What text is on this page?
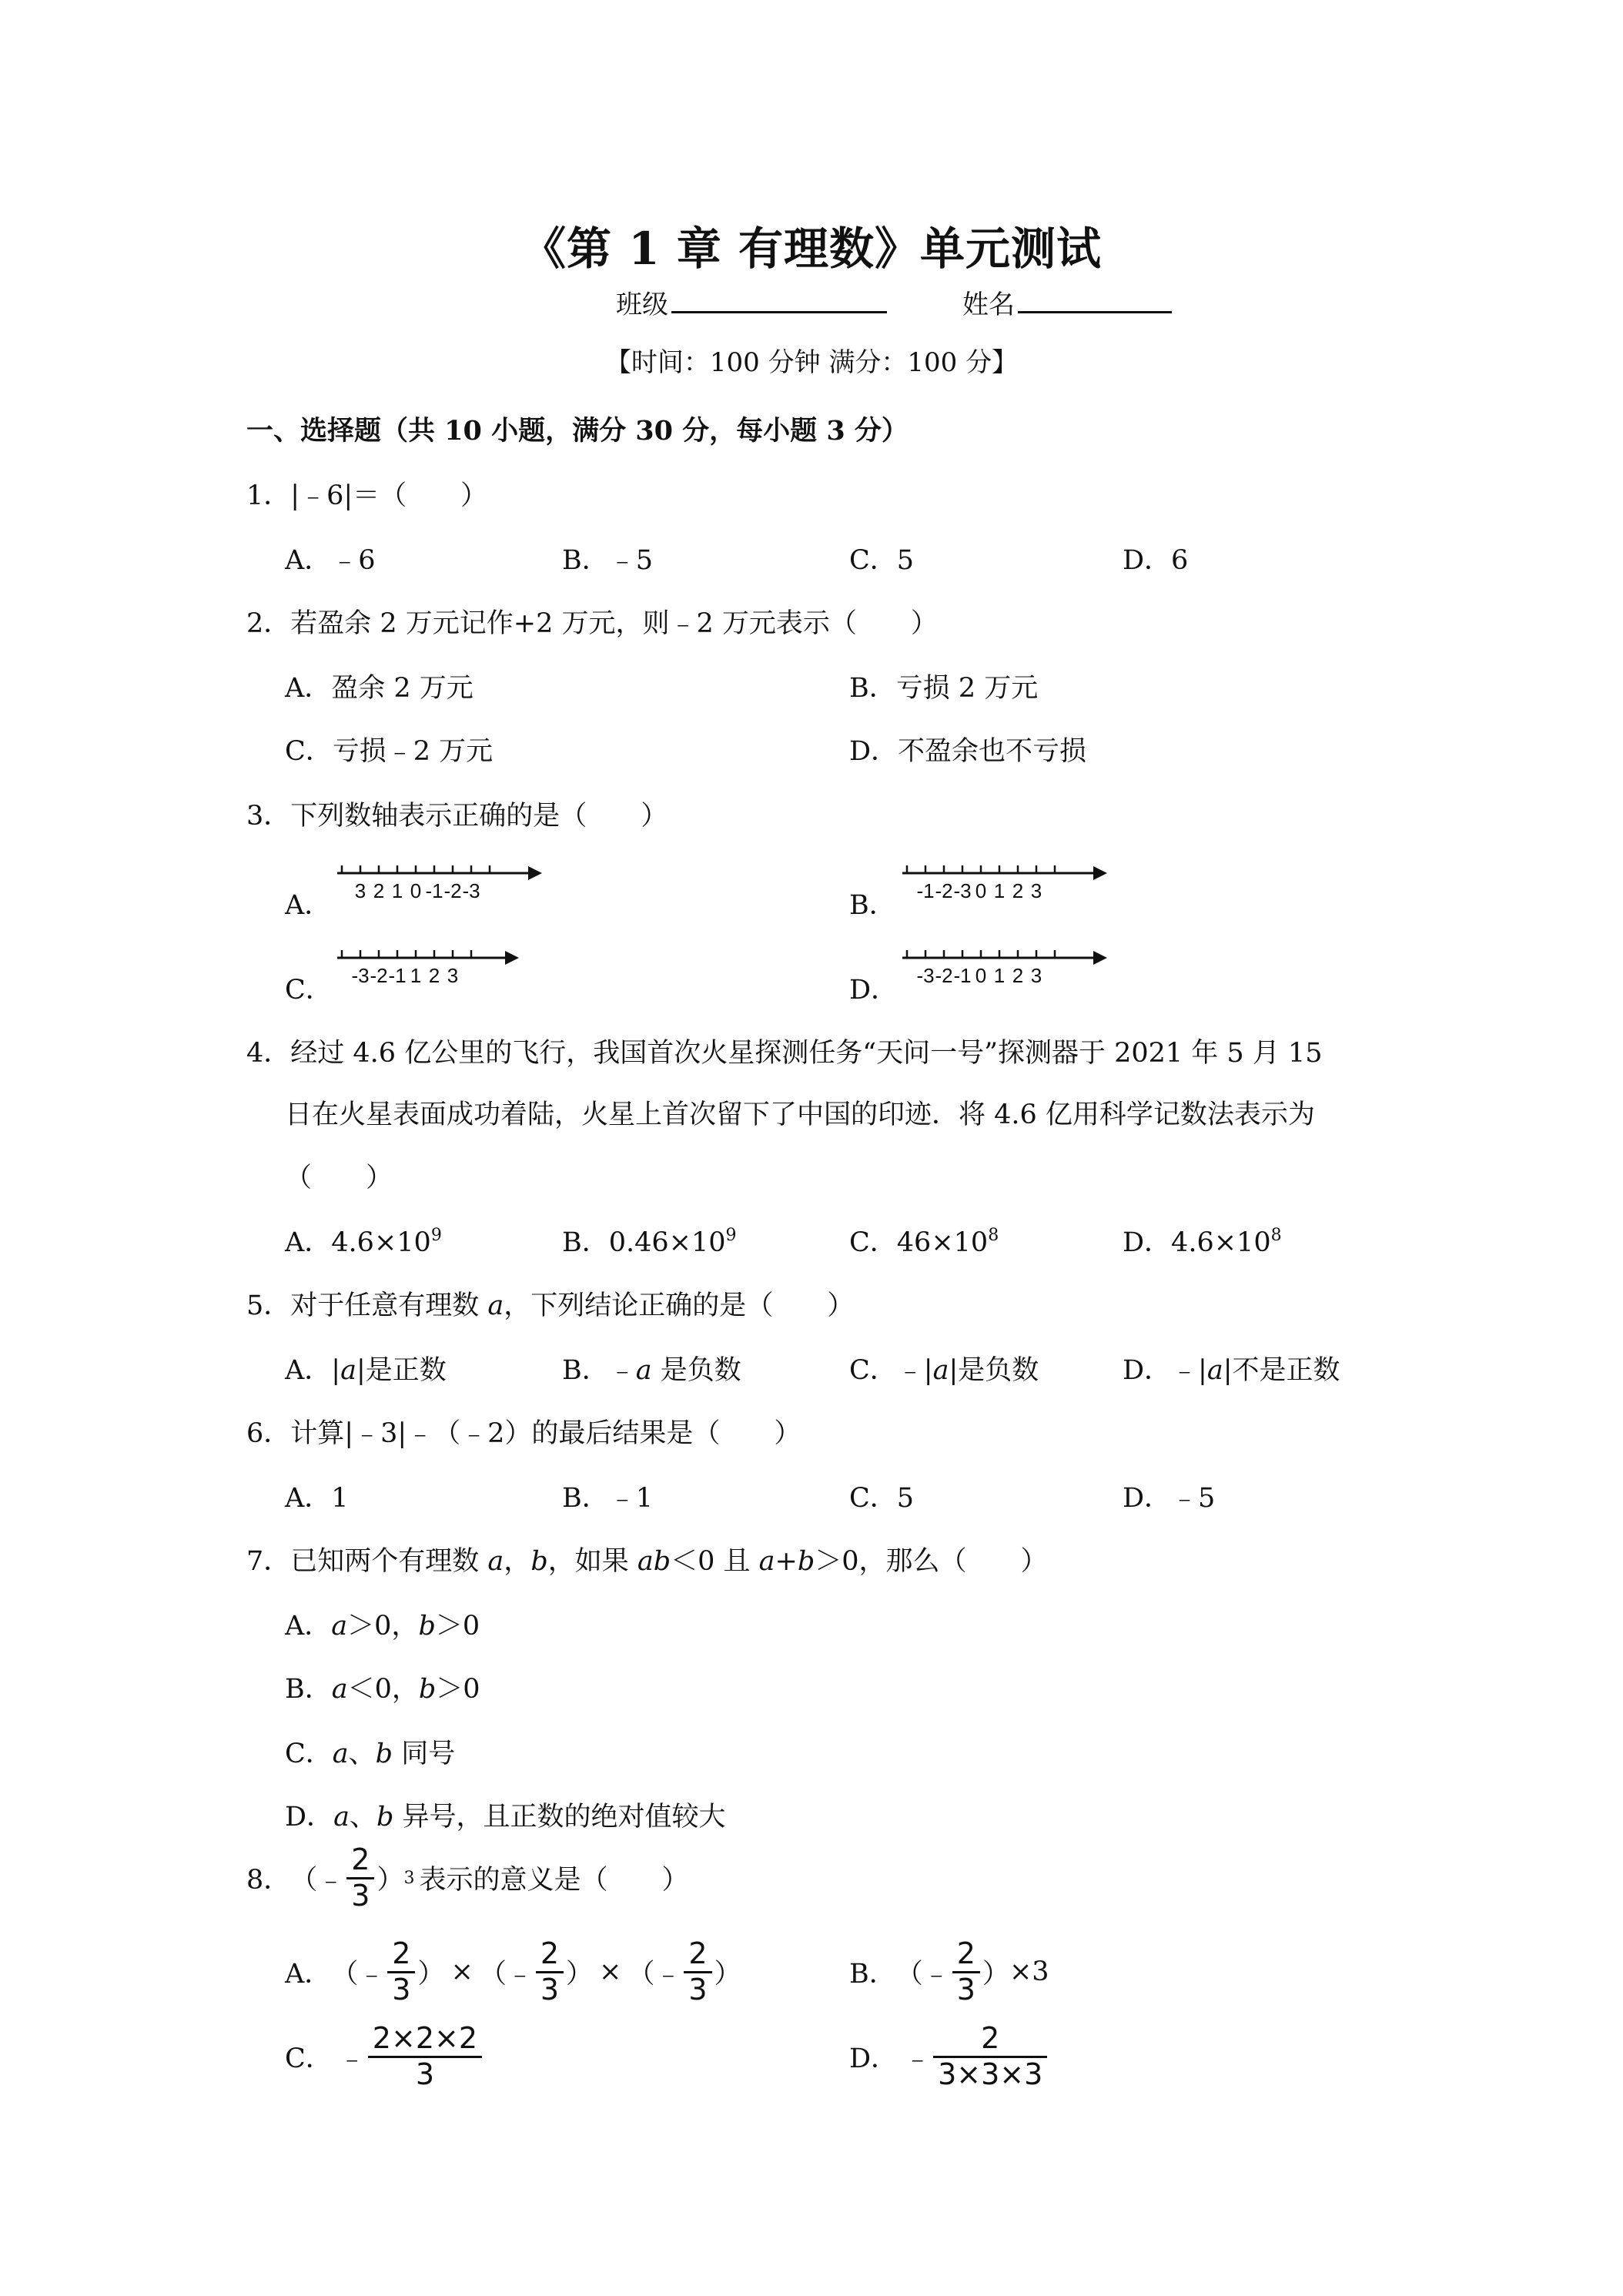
《第 1 章 有理数》单元测试
班级	姓名
【时间：100 分钟 满分：100 分】
一、选择题（共 10 小题，满分 30 分，每小题 3 分）
1．|﹣6|＝（　　）
A．﹣6	B．﹣5	C．5	D．6
2．若盈余 2 万元记作+2 万元，则﹣2 万元表示（　　）
A．盈余 2 万元	B．亏损 2 万元
C．亏损﹣2 万元	D．不盈余也不亏损
3．下列数轴表示正确的是（　　）
A． 3 2 1 0 -1 -2 -3	B． -1 -2 -3 0 1 2 3
C． -3 -2 -1 1 2 3	D． -3 -2 -1 0 1 2 3
4．经过 4.6 亿公里的飞行，我国首次火星探测任务“天问一号”探测器于 2021 年 5 月 15
日在火星表面成功着陆，火星上首次留下了中国的印迹．将 4.6 亿用科学记数法表示为
（　　）
A．$4.6\times 10^9$	B．$0.46\times 10^9$	C．$46\times 10^8$	D．$4.6\times 10^8$
5．对于任意有理数 a，下列结论正确的是（　　）
A．|a|是正数	B．﹣a 是负数	C．﹣|a|是负数	D．﹣|a|不是正数
6．计算|﹣3|﹣（﹣2）的最后结果是（　　）
A．1	B．﹣1	C．5	D．﹣5
7．已知两个有理数 a，b，如果 ab＜0 且 a+b＞0，那么（　　）
A．a＞0，b＞0
B．a＜0，b＞0
C．a、b 同号
D．a、b 异号，且正数的绝对值较大
8． （﹣ $\frac{2}{3}$ ） 3 表示的意义是（　　）
A． （﹣ $\frac{2}{3}$ ） × （﹣ $\frac{2}{3}$ ） × （﹣ $\frac{2}{3}$ ）	B． （﹣ $\frac{2}{3}$ ） ×3
C． ﹣ $\frac{2\times 2\times 2}{3}$	D． ﹣ $\frac{2}{3\times 3\times 3}$
